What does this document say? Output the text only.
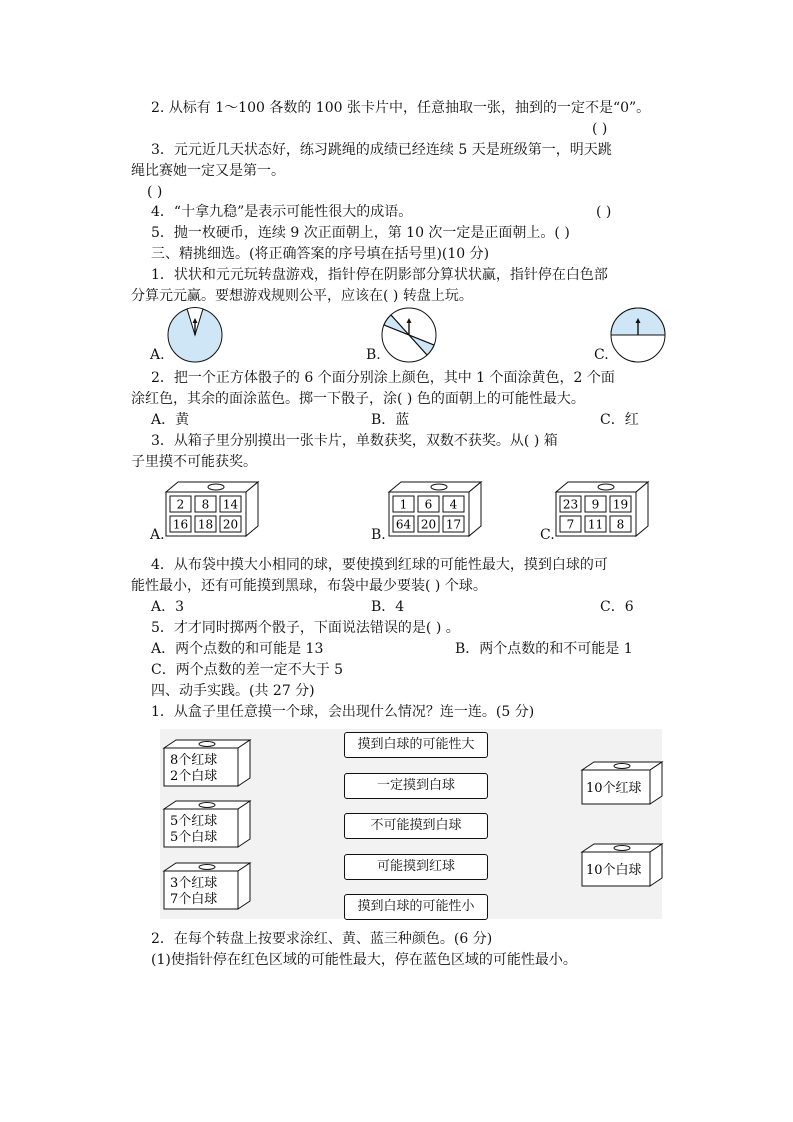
2. 从标有 1～100 各数的 100 张卡片中，任意抽取一张，抽到的一定不是“0”。
( )
3．元元近几天状态好，练习跳绳的成绩已经连续 5 天是班级第一，明天跳
绳比赛她一定又是第一。
( )
4．“十拿九稳”是表示可能性很大的成语。	( )
5．抛一枚硬币，连续 9 次正面朝上，第 10 次一定是正面朝上。( )
三、精挑细选。(将正确答案的序号填在括号里)(10 分)
1．状状和元元玩转盘游戏，指针停在阴影部分算状状赢，指针停在白色部
分算元元赢。要想游戏规则公平，应该在( ) 转盘上玩。
A.	B.	C.
2．把一个正方体骰子的 6 个面分别涂上颜色，其中 1 个面涂黄色，2 个面
涂红色，其余的面涂蓝色。掷一下骰子，涂( ) 色的面朝上的可能性最大。
A．黄	B．蓝	C．红
3．从箱子里分别摸出一张卡片，单数获奖，双数不获奖。从( ) 箱
子里摸不可能获奖。
A.
2 8 14
16 18 20
B.
1 6 4
64 20 17
C.
23 9 19
7 11 8
4．从布袋中摸大小相同的球，要使摸到红球的可能性最大，摸到白球的可
能性最小，还有可能摸到黑球，布袋中最少要装( ) 个球。
A．3	B．4	C．6
5．才才同时掷两个骰子，下面说法错误的是( ) 。
A．两个点数的和可能是 13	B．两个点数的和不可能是 1
C．两个点数的差一定不大于 5
四、动手实践。(共 27 分)
1．从盒子里任意摸一个球，会出现什么情况？连一连。(5 分)
8个红球
2个白球
5个红球
5个白球
3个红球
7个白球
摸到白球的可能性大
一定摸到白球
不可能摸到白球
可能摸到红球
摸到白球的可能性小
10个红球
10个白球
2．在每个转盘上按要求涂红、黄、蓝三种颜色。(6 分)
(1)使指针停在红色区域的可能性最大，停在蓝色区域的可能性最小。
